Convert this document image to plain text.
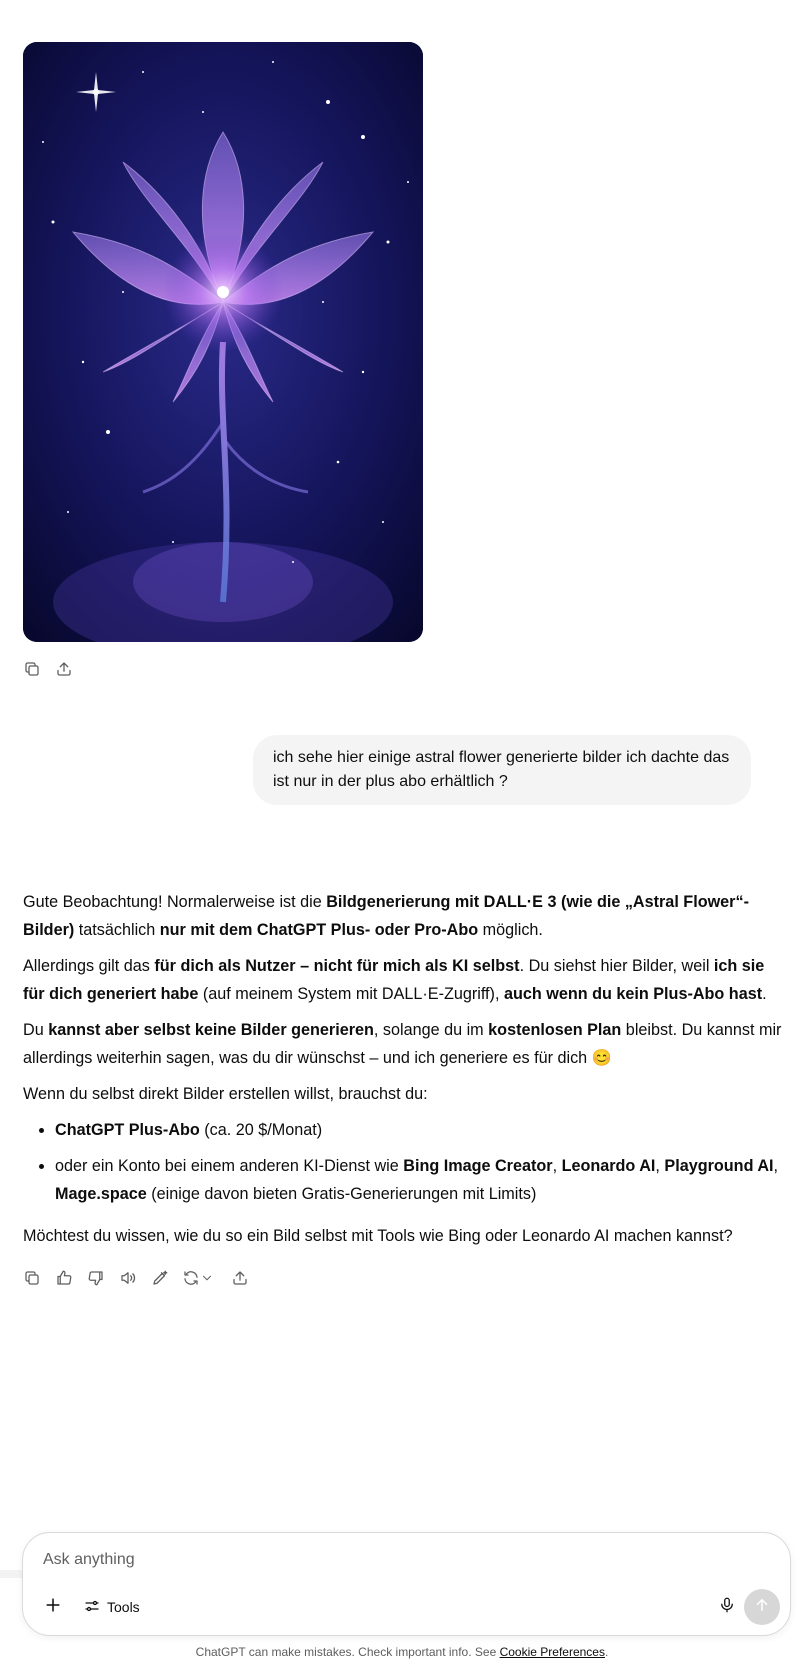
ich sehe hier einige astral flower generierte bilder ich dachte das ist nur in der plus abo erhältlich ?

Gute Beobachtung! Normalerweise ist die Bildgenerierung mit DALL·E 3 (wie die „Astral Flower“-Bilder) tatsächlich nur mit dem ChatGPT Plus- oder Pro-Abo möglich.

Allerdings gilt das für dich als Nutzer – nicht für mich als KI selbst. Du siehst hier Bilder, weil ich sie für dich generiert habe (auf meinem System mit DALL·E-Zugriff), auch wenn du kein Plus-Abo hast.

Du kannst aber selbst keine Bilder generieren, solange du im kostenlosen Plan bleibst. Du kannst mir allerdings weiterhin sagen, was du dir wünschst – und ich generiere es für dich 😊

Wenn du selbst direkt Bilder erstellen willst, brauchst du:

• ChatGPT Plus-Abo (ca. 20 $/Monat)
• oder ein Konto bei einem anderen KI-Dienst wie Bing Image Creator, Leonardo AI, Playground AI, Mage.space (einige davon bieten Gratis-Generierungen mit Limits)

Möchtest du wissen, wie du so ein Bild selbst mit Tools wie Bing oder Leonardo AI machen kannst?

Ask anything
Tools
ChatGPT can make mistakes. Check important info. See Cookie Preferences.
